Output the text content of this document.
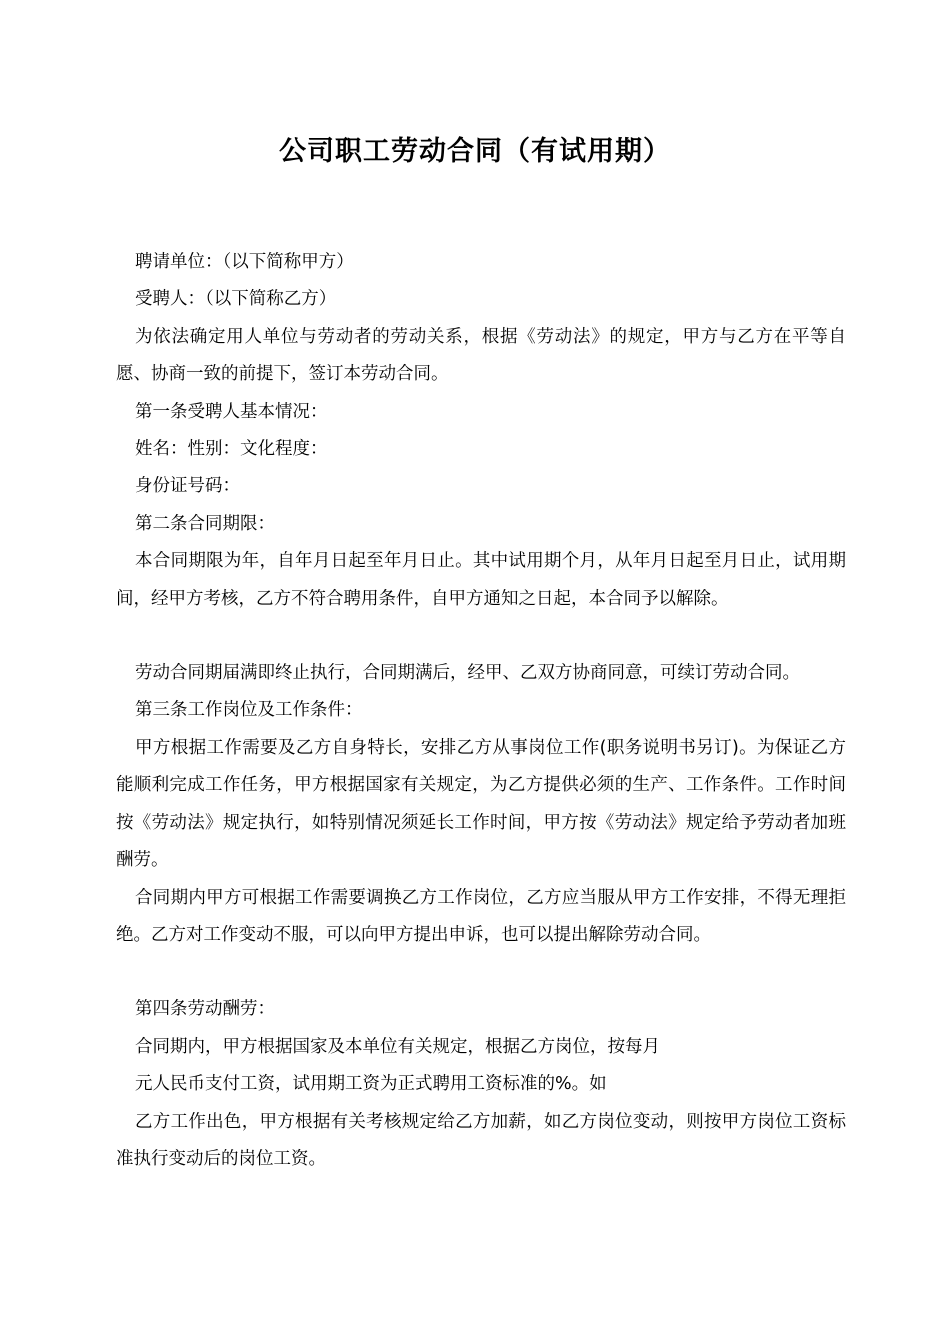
公司职工劳动合同（有试用期）

聘请单位：（以下简称甲方）

受聘人：（以下简称乙方）

为依法确定用人单位与劳动者的劳动关系，根据《劳动法》的规定，甲方与乙方在平等自愿、协商一致的前提下，签订本劳动合同。

第一条受聘人基本情况：

姓名：性别：文化程度：

身份证号码：

第二条合同期限：

本合同期限为年，自年月日起至年月日止。其中试用期个月，从年月日起至月日止，试用期间，经甲方考核，乙方不符合聘用条件，自甲方通知之日起，本合同予以解除。

劳动合同期届满即终止执行，合同期满后，经甲、乙双方协商同意，可续订劳动合同。

第三条工作岗位及工作条件：

甲方根据工作需要及乙方自身特长，安排乙方从事岗位工作(职务说明书另订)。为保证乙方能顺利完成工作任务，甲方根据国家有关规定，为乙方提供必须的生产、工作条件。工作时间按《劳动法》规定执行，如特别情况须延长工作时间，甲方按《劳动法》规定给予劳动者加班酬劳。

合同期内甲方可根据工作需要调换乙方工作岗位，乙方应当服从甲方工作安排，不得无理拒绝。乙方对工作变动不服，可以向甲方提出申诉，也可以提出解除劳动合同。

第四条劳动酬劳：

合同期内，甲方根据国家及本单位有关规定，根据乙方岗位，按每月

元人民币支付工资，试用期工资为正式聘用工资标准的%。如

乙方工作出色，甲方根据有关考核规定给乙方加薪，如乙方岗位变动，则按甲方岗位工资标准执行变动后的岗位工资。
